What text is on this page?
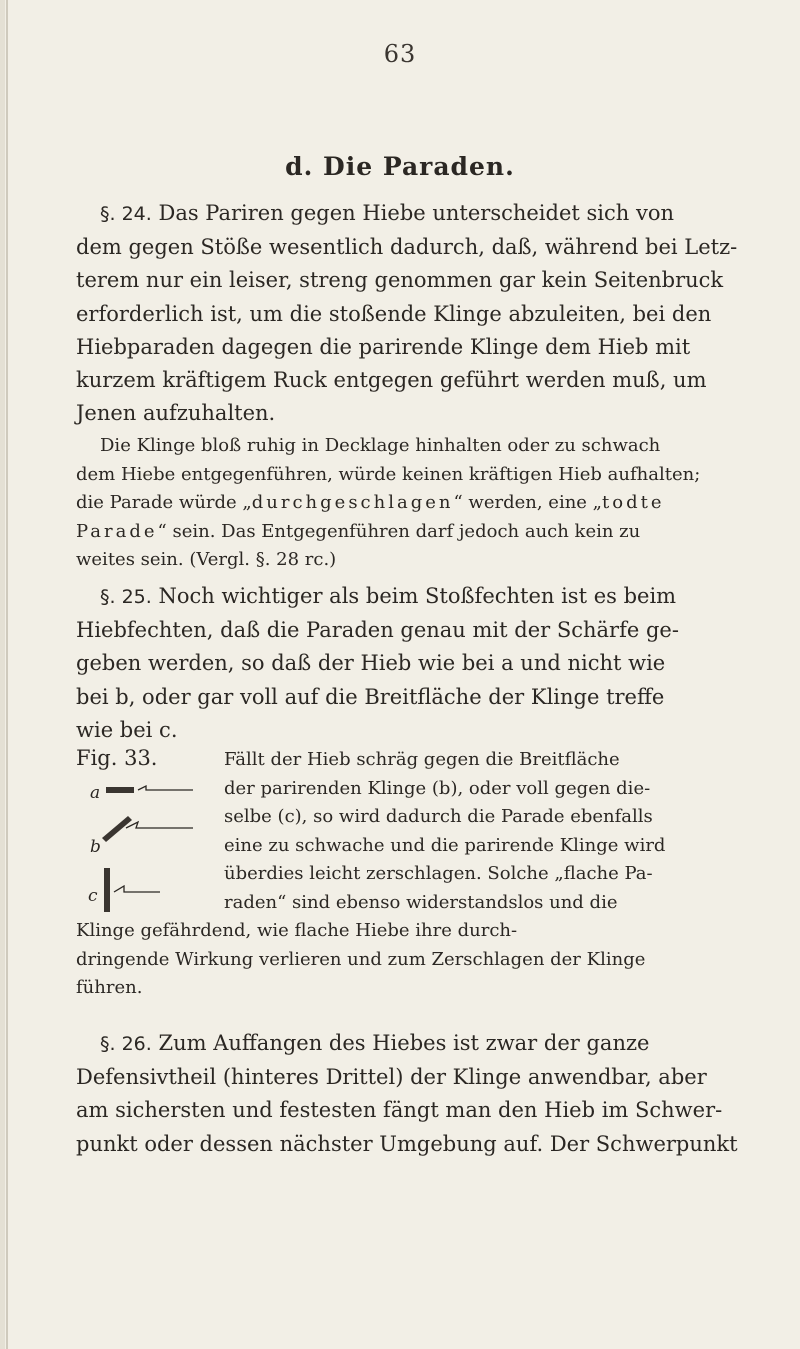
63
d. Die Paraden.

§. 24. Das Pariren gegen Hiebe unterscheidet sich von

dem gegen Stöße wesentlich dadurch, daß, während bei Letz-

terem nur ein leiser, streng genommen gar kein Seitenbruck

erforderlich ist, um die stoßende Klinge abzuleiten, bei den

Hiebparaden dagegen die parirende Klinge dem Hieb mit

kurzem kräftigem Ruck entgegen geführt werden muß, um

Jenen aufzuhalten.

Die Klinge bloß ruhig in Decklage hinhalten oder zu schwach

dem Hiebe entgegenführen, würde keinen kräftigen Hieb aufhalten;

die Parade würde „durchgeschlagen“ werden, eine „todte

Parade“ sein. Das Entgegenführen darf jedoch auch kein zu

weites sein. (Vergl. §. 28 rc.)

§. 25. Noch wichtiger als beim Stoßfechten ist es beim

Hiebfechten, daß die Paraden genau mit der Schärfe ge-

geben werden, so daß der Hieb wie bei a und nicht wie

bei b, oder gar voll auf die Breitfläche der Klinge treffe

wie bei c.

Fig. 33.
a
b
c

Fällt der Hieb schräg gegen die Breitfläche
der parirenden Klinge (b), oder voll gegen die-
selbe (c), so wird dadurch die Parade ebenfalls
eine zu schwache und die parirende Klinge wird
überdies leicht zerschlagen. Solche „flache Pa-
raden“ sind ebenso widerstandslos und die

Klinge gefährdend, wie flache Hiebe ihre durch-
dringende Wirkung verlieren und zum Zerschlagen der Klinge
führen.

§. 26. Zum Auffangen des Hiebes ist zwar der ganze

Defensivtheil (hinteres Drittel) der Klinge anwendbar, aber

am sichersten und festesten fängt man den Hieb im Schwer-

punkt oder dessen nächster Umgebung auf. Der Schwerpunkt
